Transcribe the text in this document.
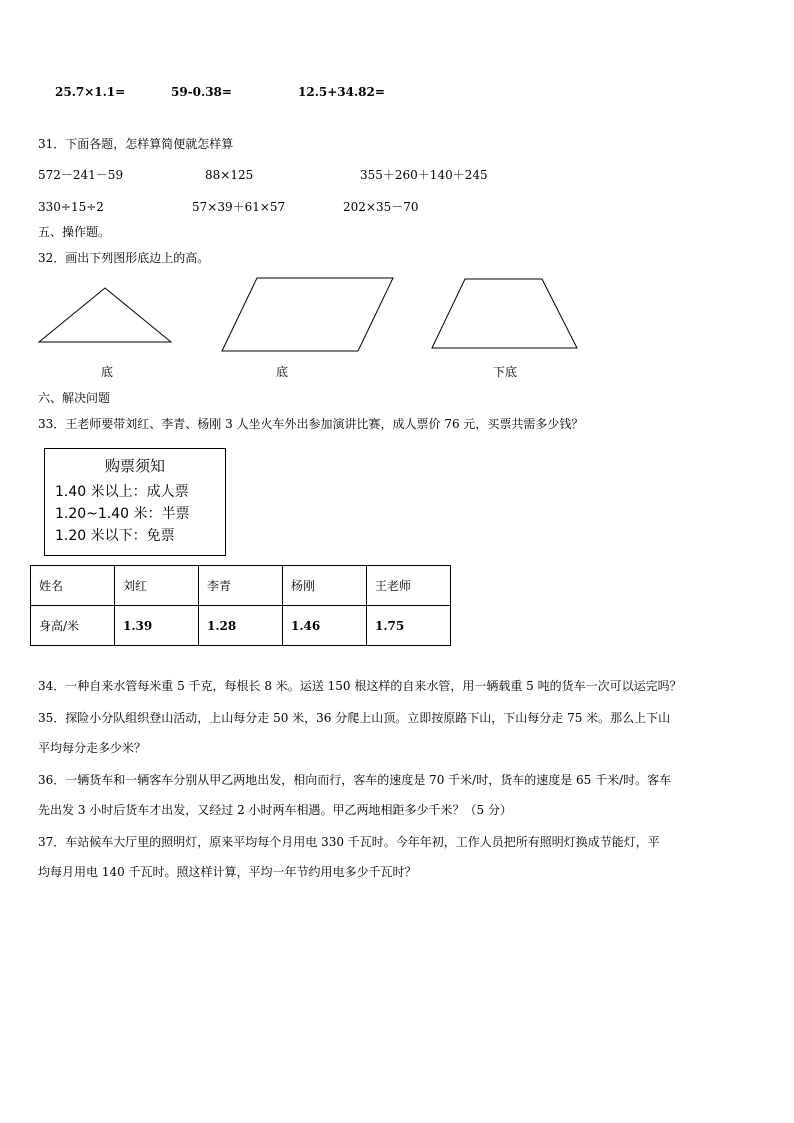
25.7×1.1=	59-0.38=	12.5+34.82=
31．下面各题，怎样算简便就怎样算
572－241－59	88×125	355＋260＋140＋245
330÷15÷2	57×39＋61×57	202×35－70
五、操作题。
32．画出下列图形底边上的高。
底	底	下底
六、解决问题
33．王老师要带刘红、李青、杨刚 3 人坐火车外出参加演讲比赛，成人票价 76 元，买票共需多少钱？
购票须知
1.40 米以上：成人票
1.20~1.40 米：半票
1.20 米以下：免票
姓名	刘红	李青	杨刚	王老师
身高/米	1.39	1.28	1.46	1.75
34．一种自来水管每米重 5 千克，每根长 8 米。运送 150 根这样的自来水管，用一辆载重 5 吨的货车一次可以运完吗？
35．探险小分队组织登山活动，上山每分走 50 米，36 分爬上山顶。立即按原路下山，下山每分走 75 米。那么上下山
平均每分走多少米？
36．一辆货车和一辆客车分别从甲乙两地出发，相向而行，客车的速度是 70 千米/时，货车的速度是 65 千米/时。客车
先出发 3 小时后货车才出发，又经过 2 小时两车相遇。甲乙两地相距多少千米？（5 分）
37．车站候车大厅里的照明灯，原来平均每个月用电 330 千瓦时。今年年初，工作人员把所有照明灯换成节能灯，平
均每月用电 140 千瓦时。照这样计算，平均一年节约用电多少千瓦时？
